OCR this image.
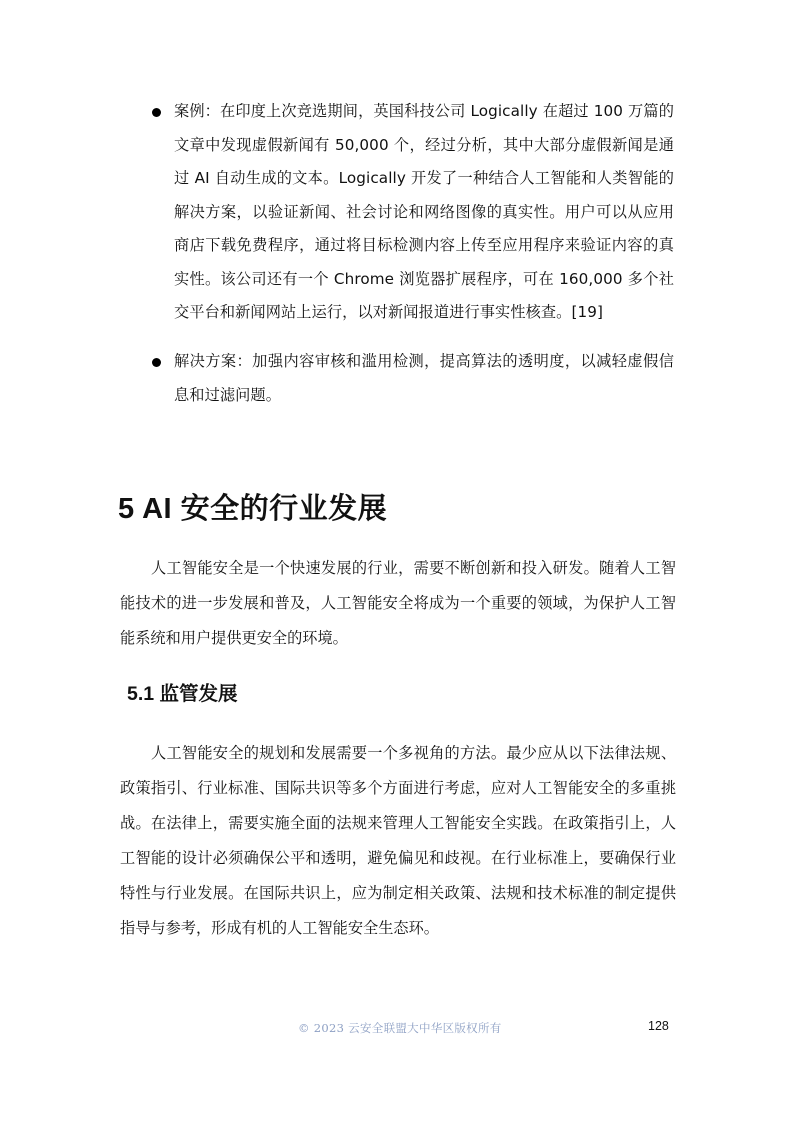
案例：在印度上次竞选期间，英国科技公司 Logically 在超过 100 万篇的文章中发现虚假新闻有 50,000 个，经过分析，其中大部分虚假新闻是通过 AI 自动生成的文本。Logically 开发了一种结合人工智能和人类智能的解决方案，以验证新闻、社会讨论和网络图像的真实性。用户可以从应用商店下载免费程序，通过将目标检测内容上传至应用程序来验证内容的真实性。该公司还有一个 Chrome 浏览器扩展程序，可在 160,000 多个社交平台和新闻网站上运行，以对新闻报道进行事实性核查。[19]
解决方案：加强内容审核和滥用检测，提高算法的透明度，以减轻虚假信息和过滤问题。
5 AI 安全的行业发展

人工智能安全是一个快速发展的行业，需要不断创新和投入研发。随着人工智能技术的进一步发展和普及，人工智能安全将成为一个重要的领域，为保护人工智能系统和用户提供更安全的环境。

5.1 监管发展

人工智能安全的规划和发展需要一个多视角的方法。最少应从以下法律法规、政策指引、行业标准、国际共识等多个方面进行考虑，应对人工智能安全的多重挑战。在法律上，需要实施全面的法规来管理人工智能安全实践。在政策指引上，人工智能的设计必须确保公平和透明，避免偏见和歧视。在行业标准上，要确保行业特性与行业发展。在国际共识上，应为制定相关政策、法规和技术标准的制定提供指导与参考，形成有机的人工智能安全生态环。

© 2023 云安全联盟大中华区版权所有	128
